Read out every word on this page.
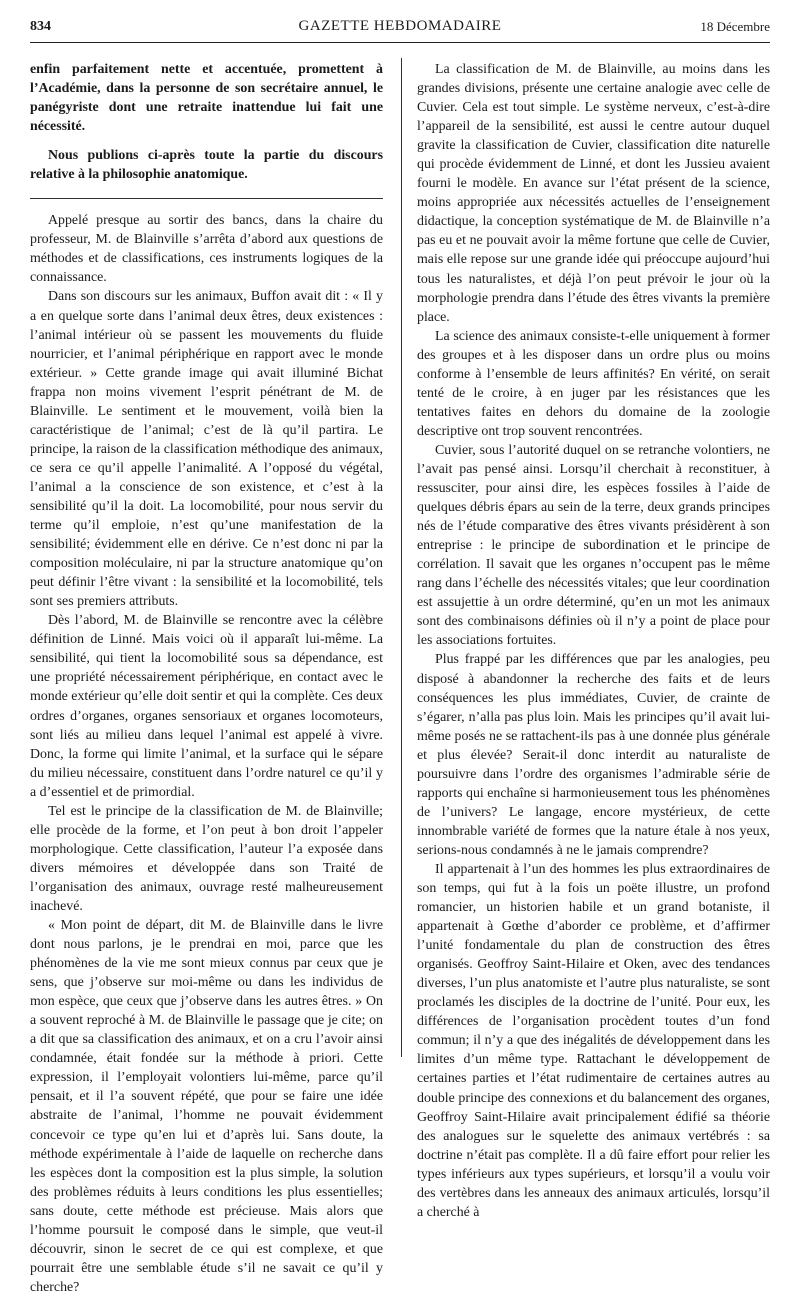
834	GAZETTE HEBDOMADAIRE	18 Décembre

enfin parfaitement nette et accentuée, promettent à l’Académie, dans la personne de son secrétaire annuel, le panégyriste dont une retraite inattendue lui fait une nécessité.

Nous publions ci-après toute la partie du discours relative à la philosophie anatomique.

Appelé presque au sortir des bancs, dans la chaire du professeur, M. de Blainville s’arrêta d’abord aux questions de méthodes et de classifications, ces instruments logiques de la connaissance.

Dans son discours sur les animaux, Buffon avait dit : « Il y a en quelque sorte dans l’animal deux êtres, deux existences : l’animal intérieur où se passent les mouvements du fluide nourricier, et l’animal périphérique en rapport avec le monde extérieur. » Cette grande image qui avait illuminé Bichat frappa non moins vivement l’esprit pénétrant de M. de Blainville. Le sentiment et le mouvement, voilà bien la caractéristique de l’animal; c’est de là qu’il partira. Le principe, la raison de la classification méthodique des animaux, ce sera ce qu’il appelle l’animalité. A l’opposé du végétal, l’animal a la conscience de son existence, et c’est à la sensibilité qu’il la doit. La locomobilité, pour nous servir du terme qu’il emploie, n’est qu’une manifestation de la sensibilité; évidemment elle en dérive. Ce n’est donc ni par la composition moléculaire, ni par la structure anatomique qu’on peut définir l’être vivant : la sensibilité et la locomobilité, tels sont ses premiers attributs.

Dès l’abord, M. de Blainville se rencontre avec la célèbre définition de Linné. Mais voici où il apparaît lui-même. La sensibilité, qui tient la locomobilité sous sa dépendance, est une propriété nécessairement périphérique, en contact avec le monde extérieur qu’elle doit sentir et qui la complète. Ces deux ordres d’organes, organes sensoriaux et organes locomoteurs, sont liés au milieu dans lequel l’animal est appelé à vivre. Donc, la forme qui limite l’animal, et la surface qui le sépare du milieu nécessaire, constituent dans l’ordre naturel ce qu’il y a d’essentiel et de primordial.

Tel est le principe de la classification de M. de Blainville; elle procède de la forme, et l’on peut à bon droit l’appeler morphologique. Cette classification, l’auteur l’a exposée dans divers mémoires et développée dans son Traité de l’organisation des animaux, ouvrage resté malheureusement inachevé.

« Mon point de départ, dit M. de Blainville dans le livre dont nous parlons, je le prendrai en moi, parce que les phénomènes de la vie me sont mieux connus par ceux que je sens, que j’observe sur moi-même ou dans les individus de mon espèce, que ceux que j’observe dans les autres êtres. » On a souvent reproché à M. de Blainville le passage que je cite; on a dit que sa classification des animaux, et on a cru l’avoir ainsi condamnée, était fondée sur la méthode à priori. Cette expression, il l’employait volontiers lui-même, parce qu’il pensait, et il l’a souvent répété, que pour se faire une idée abstraite de l’animal, l’homme ne pouvait évidemment concevoir ce type qu’en lui et d’après lui. Sans doute, la méthode expérimentale à l’aide de laquelle on recherche dans les espèces dont la composition est la plus simple, la solution des problèmes réduits à leurs conditions les plus essentielles; sans doute, cette méthode est précieuse. Mais alors que l’homme poursuit le composé dans le simple, que veut-il découvrir, sinon le secret de ce qui est complexe, et que pourrait être une semblable étude s’il ne savait ce qu’il y cherche?

La classification de M. de Blainville, au moins dans les grandes divisions, présente une certaine analogie avec celle de Cuvier. Cela est tout simple. Le système nerveux, c’est-à-dire l’appareil de la sensibilité, est aussi le centre autour duquel gravite la classification de Cuvier, classification dite naturelle qui procède évidemment de Linné, et dont les Jussieu avaient fourni le modèle. En avance sur l’état présent de la science, moins appropriée aux nécessités actuelles de l’enseignement didactique, la conception systématique de M. de Blainville n’a pas eu et ne pouvait avoir la même fortune que celle de Cuvier, mais elle repose sur une grande idée qui préoccupe aujourd’hui tous les naturalistes, et déjà l’on peut prévoir le jour où la morphologie prendra dans l’étude des êtres vivants la première place.

La science des animaux consiste-t-elle uniquement à former des groupes et à les disposer dans un ordre plus ou moins conforme à l’ensemble de leurs affinités? En vérité, on serait tenté de le croire, à en juger par les résistances que les tentatives faites en dehors du domaine de la zoologie descriptive ont trop souvent rencontrées.

Cuvier, sous l’autorité duquel on se retranche volontiers, ne l’avait pas pensé ainsi. Lorsqu’il cherchait à reconstituer, à ressusciter, pour ainsi dire, les espèces fossiles à l’aide de quelques débris épars au sein de la terre, deux grands principes nés de l’étude comparative des êtres vivants présidèrent à son entreprise : le principe de subordination et le principe de corrélation. Il savait que les organes n’occupent pas le même rang dans l’échelle des nécessités vitales; que leur coordination est assujettie à un ordre déterminé, qu’en un mot les animaux sont des combinaisons définies où il n’y a point de place pour les associations fortuites.

Plus frappé par les différences que par les analogies, peu disposé à abandonner la recherche des faits et de leurs conséquences les plus immédiates, Cuvier, de crainte de s’égarer, n’alla pas plus loin. Mais les principes qu’il avait lui-même posés ne se rattachent-ils pas à une donnée plus générale et plus élevée? Serait-il donc interdit au naturaliste de poursuivre dans l’ordre des organismes l’admirable série de rapports qui enchaîne si harmonieusement tous les phénomènes de l’univers? Le langage, encore mystérieux, de cette innombrable variété de formes que la nature étale à nos yeux, serions-nous condamnés à ne le jamais comprendre?

Il appartenait à l’un des hommes les plus extraordinaires de son temps, qui fut à la fois un poëte illustre, un profond romancier, un historien habile et un grand botaniste, il appartenait à Gœthe d’aborder ce problème, et d’affirmer l’unité fondamentale du plan de construction des êtres organisés. Geoffroy Saint-Hilaire et Oken, avec des tendances diverses, l’un plus anatomiste et l’autre plus naturaliste, se sont proclamés les disciples de la doctrine de l’unité. Pour eux, les différences de l’organisation procèdent toutes d’un fond commun; il n’y a que des inégalités de développement dans les limites d’un même type. Rattachant le développement de certaines parties et l’état rudimentaire de certaines autres au double principe des connexions et du balancement des organes, Geoffroy Saint-Hilaire avait principalement édifié sa théorie des analogues sur le squelette des animaux vertébrés : sa doctrine n’était pas complète. Il a dû faire effort pour relier les types inférieurs aux types supérieurs, et lorsqu’il a voulu voir des vertèbres dans les anneaux des animaux articulés, lorsqu’il a cherché à
